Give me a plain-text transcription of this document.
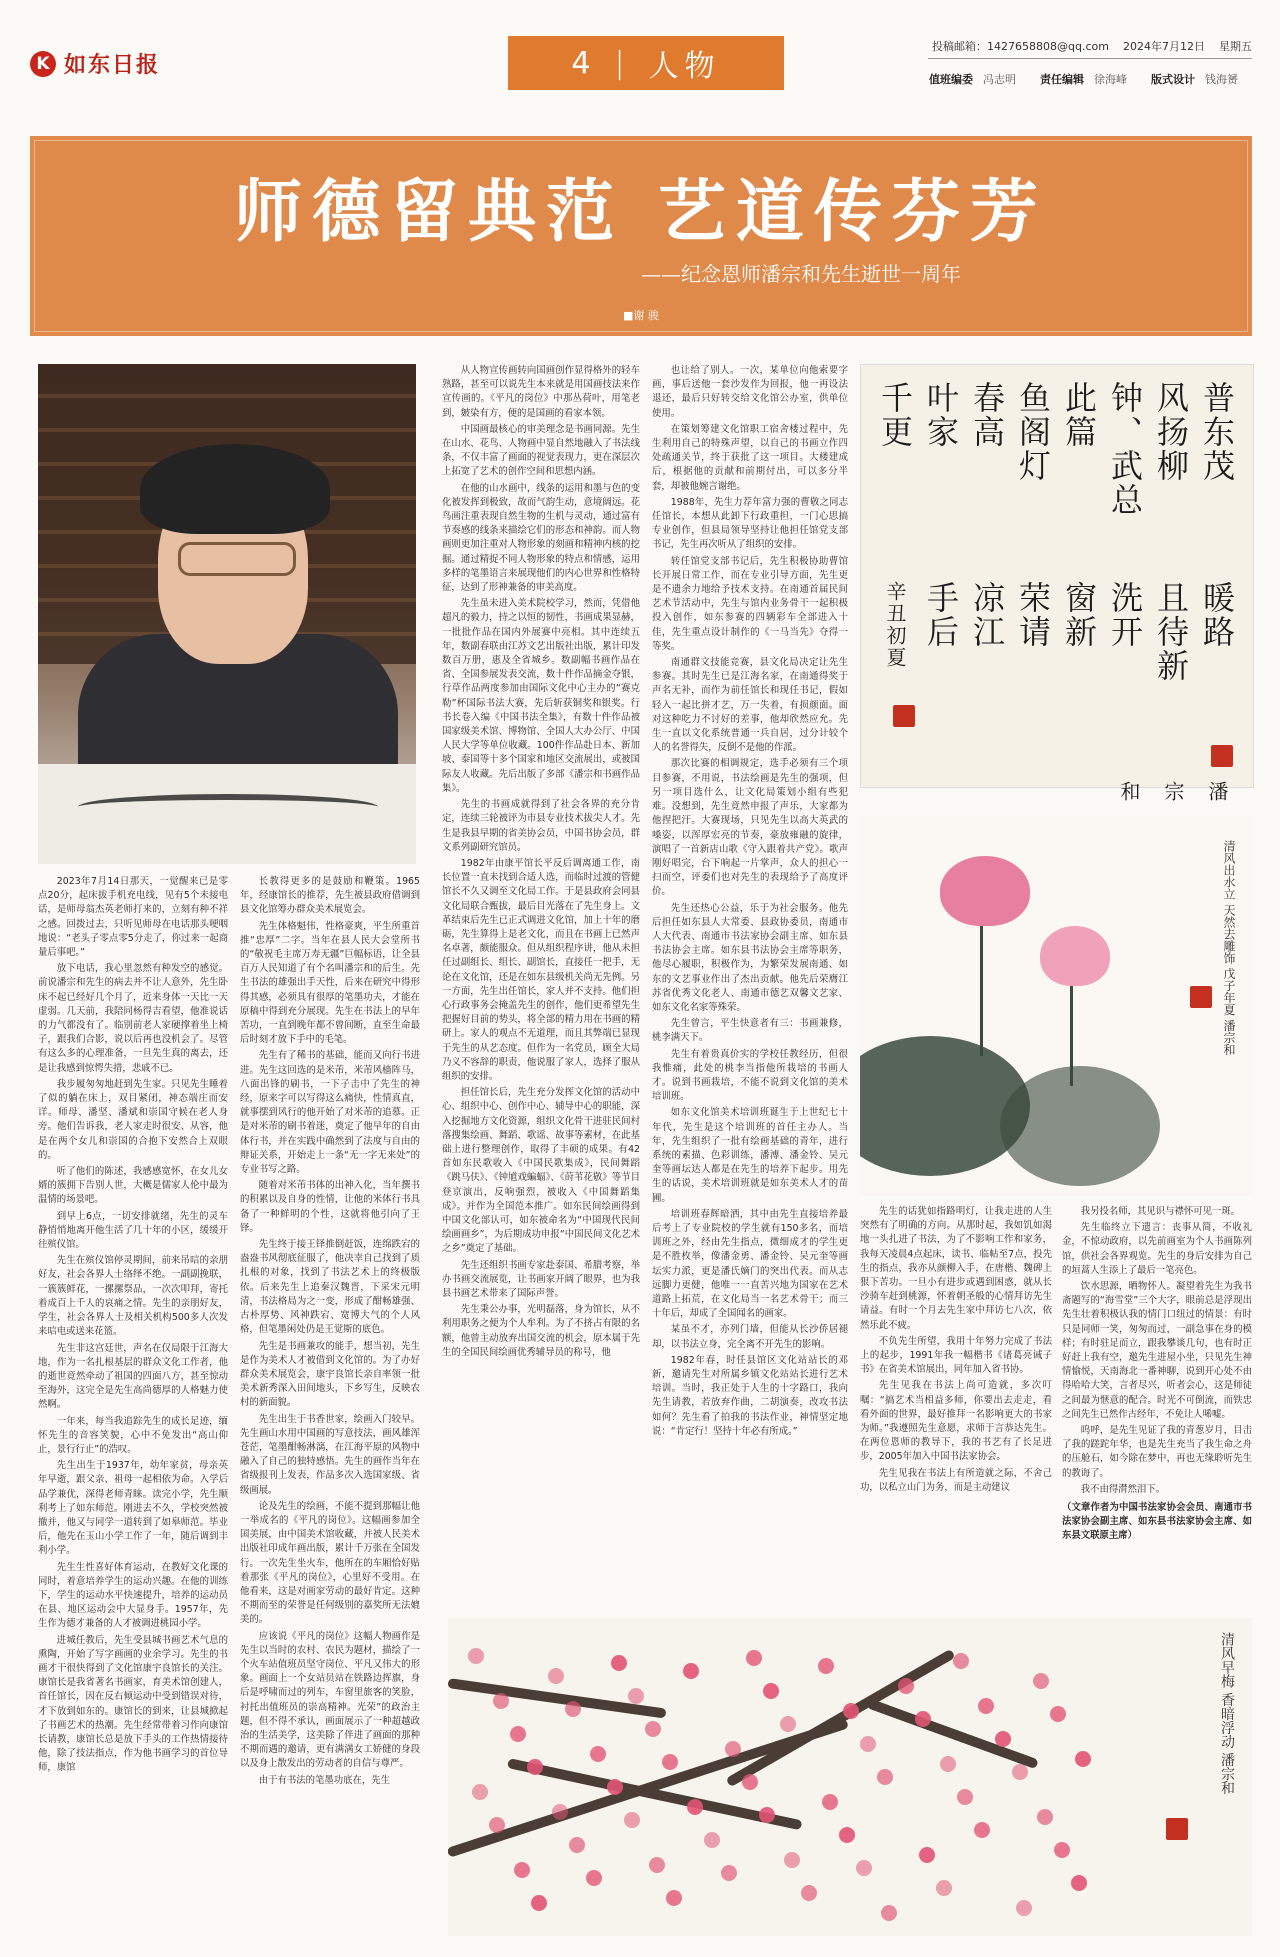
K 如东日报	4 | 人物
投稿邮箱：1427658808@qq.com 2024年7月12日 星期五
值班编委 冯志明 责任编辑 徐海峰 版式设计 钱海赟
师德留典范 艺道传芬芳
——纪念恩师潘宗和先生逝世一周年
■谢 骏

2023年7月14日那天，一觉醒来已是零点20分，起床拔手机充电线，见有5个未接电话，是师母翁杰英老师打来的，立刻有种不祥之感。回拨过去，只听见师母在电话那头哽咽地说：“老头子零点零5分走了，你过来一起商量后事吧。”

放下电话，我心里忽然有种发空的感觉。前说潘宗和先生的病去并不让人意外，先生卧床不起已经好几个月了，近来身体一天比一天虚弱。几天前，我陪同杨得吉看望，他准说话的力气都没有了。临别前老人家硬撑着坐上椅子，跟我们合影，说以后再也没机会了。尽管有这么多的心理准备，一旦先生真的离去，还是让我感到惊愕失措，悲戚不已。

我步履匆匆地赶到先生家。只见先生睡着了似的躺在床上，双目紧闭，神态端庄而安详。师母、潘坚、潘斌和崇国守候在老人身旁。他们告诉我，老人家走时很安、从容，他是在两个女儿和崇国的合抱下安然合上双眼的。

听了他们的陈述，我感感宽怀，在女儿女婿的簇拥下告别人世，大概是儒家人伦中最为温情的场景吧。

到早上6点，一切安排就绪，先生的灵车静悄悄地离开他生活了几十年的小区，缓缓开往殡仪馆。

先生在殡仪馆停灵期间，前来吊唁的亲朋好友，社会各界人士络绎不绝。一副副挽联，一簇簇鲜花，一摞摞祭品，一次次叩拜，寄托着成百上千人的哀痛之情。先生的亲朋好友，学生，社会各界人士及相关机构500多人次发来唁电或送来花篮。

先生非这宫廷世，声名在仅局限于江海大地，作为一名扎根基层的群众文化工作者，他的逝世竟然牵动了祖国的四面八方，甚至惊动至海外，这完全是先生高尚德厚的人格魅力使然啊。

一年来，每当我追踪先生的成长足迹，缅怀先生的音容笑貌，心中不免发出“高山仰止，景行行止”的浩叹。

先生出生于1937年，幼年家贫，母亲英年早逝，跟父亲、祖母一起相依为命。入学后品学兼优，深得老师青睐。读完小学，先生顺利考上了如东师范。刚进去不久，学校突然被撤并，他又与同学一道转到了如皋师范。毕业后，他先在玉山小学工作了一年，随后调到丰利小学。

先生生性喜好体育运动，在教好文化课的同时，着意培养学生的运动兴趣。在他的训练下，学生的运动水平快速提升，培养的运动员在县、地区运动会中大显身手。1957年，先生作为德才兼备的人才被调进桃园小学。

进城任教后，先生受县城书画艺术气息的熏陶，开始了写字画画的业余学习。先生的书画才干很快得到了文化馆康宇良馆长的关注。康馆长是我省著名书画家，育美术馆创建人，首任馆长，因在反右倾运动中受到错误对待，才下放到如东的。康馆长的到来，让县城掀起了书画艺术的热潮。先生经常带着习作向康馆长请教，康馆长总是放下手头的工作热情接待他，除了技法指点，作为他书画学习的首位导师，康馆

长教得更多的是鼓励和鞭策。1965年，经康馆长的推荐，先生被县政府借调到县文化馆筹办群众美术展览会。

先生体格魁伟，性格豪爽，平生所重首推“忠厚”二字。当年在县人民大会堂所书的“敬祝毛主席万寿无疆”巨幅标语，让全县百万人民知道了有个名叫潘宗和的后生。先生书法的雄强出手天性，后来在研究中得形得其感，必须具有很厚的笔墨功夫，才能在原稿中得到充分展现。先生在书法上的早年苦功，一直到晚年都不曾间断，直至生命最后时刻才放下手中的毛笔。

先生有了稀书的基础，能而又向行书进进。先生这回选的是米芾，米芾风樯阵马，八面出锋的刷书，一下子击中了先生的神经，原来字可以写得这么痛快，性情真直，就事摆到风行的他开始了对米芾的追慕。正是对米芾的刷书着迷，奠定了他早年的自由体行书，并在实践中确然到了法度与自由的辩证关系，开始走上一条“无一字无来处”的专业书写之路。

随着对米芾书体的出神入化，当年撰书的积累以及自身的性情，让他的米体行书具备了一种鲜明的个性，这就将他引向了王铎。

先生终于接王铎推倒赶饭，连绵跌宕的盎盎书风彻底征服了，他决幸自己找到了质扎根的对象，找到了书法艺术上的终极版依。后来先生上追秦汉魏晋，下采宋元明清，书法格局为之一变，形成了酣畅雄强、古朴厚势、风神跌宕、宽博大气的个人风格，但笔墨闲处仍是王觉斯的底色。

先生是书画兼攻的能手，想当初，先生是作为美术人才被借到文化馆的。为了办好群众美术展览会，康宇良馆长亲自率领一批美术新秀深入田间地头，下乡写生，反映农村的新面貌。

先生出生于书香世家，绘画入门较早。先生画山水用中国画的写意技法，画风雄浑苍茫，笔墨酣畅淋漓，在江海平原的风物中融入了自己的独特感悟。先生的画作当年在省级报刊上发表，作品多次入选国家级、省级画展。

论及先生的绘画，不能不提到那幅让他一举成名的《平凡的岗位》。这幅画参加全国美展，由中国美术馆收藏，并被人民美术出版社印成年画出版，累计千万张在全国发行。一次先生坐火车，他所在的车厢恰好贴着那张《平凡的岗位》，心里好不受用。在他看来，这是对画家劳动的最好肯定。这种不期而至的荣誉是任何级别的嘉奖所无法媲美的。

应该说《平凡的岗位》这幅人物画作是先生以当时的农村、农民为题材，描绘了一个火车站值班员坚守岗位、平凡又伟大的形象。画面上一个女站员站在铁路边挥旗，身后是呼啸而过的列车，车窗里旅客的笑脸，衬托出值班员的崇高精神。光荣”的政治主题，但不得不承认，画面展示了一种超越政治的生活美学，这美除了伴进了画面的那种不期而遇的邀请，更有满满女工娇健的身段以及身上散发出的劳动者的自信与尊严。

由于有书法的笔墨功底在，先生

从人物宣传画转向国画创作显得格外的轻车熟路，甚至可以说先生本来就是用国画技法来作宣传画的。《平凡的岗位》中那丛荷叶，用笔老到，皴染有方，便的是国画的看家本领。

中国画最核心的审美理念是书画同源。先生在山水、花鸟、人物画中显自然地融入了书法线条，不仅丰富了画面的视觉表现力，更在深层次上拓宽了艺术的创作空间和思想内涵。

在他的山水画中，线条的运用和墨与色的变化被发挥到极致，故而气韵生动，意境阔远。花鸟画注重表现自然生物的生机与灵动，通过富有节奏感的线条来描绘它们的形态和神韵。而人物画则更加注重对人物形象的刻画和精神内核的挖掘。通过精捉不同人物形象的特点和情感，运用多样的笔墨语言来展现他们的内心世界和性格特征，达到了形神兼备的审美高度。

先生虽未进入美术院校学习，然而，凭借他超凡的毅力，持之以恒的韧性，书画成果显赫，一批批作品在国内外展赛中亮相。其中连续五年，数副春联由江苏文艺出版社出版，累计印发数百万册，惠及全省城乡。数副幅书画作品在省、全国参展发表交流，数十件作品摘金夺银，行草作品两度参加由国际文化中心主办的“赛克勒”杯国际书法大赛，先后斩获铜奖和银奖。行书长卷入编《中国书法全集》，有数十件作品被国家级美术馆、博物馆、全国人大办公厅、中国人民大学等单位收藏。100件作品赴日本、新加坡、泰国等十多个国家和地区交流展出，或被国际友人收藏。先后出版了多部《潘宗和书画作品集》。

先生的书画成就得到了社会各界的充分肯定，连续三轮被评为市县专业技术拔尖人才。先生是我县早期的省美协会员，中国书协会员，群文系列副研究馆员。

1982年由康平馆长平反后调离通工作，南长位置一直未找到合适人选，而临时过渡的管健馆长不久又调至文化局工作。于是县政府会同县文化局联合甄拔，最后目光落在了先生身上。文革结束后先生已正式调进文化馆，加上十年的磨砺，先生算得上是老文化，而且在书画上已然声名卓著，颇能服众。但从组织程序讲，他从未担任过副组长、组长、副馆长，直接任一把手，无论在文化馆，还是在如东县级机关尚无先例。另一方面，先生出任馆长，家人并不支持。他们担心行政事务会掩盖先生的创作，他们更希望先生把握好目前的势头，将全部的精力用在书画的精研上。家人的观点不无道理，而且其弊端已显现于先生的从艺态度。但作为一名党员，顾全大局乃义不容辞的职责，他说服了家人，选择了服从组织的安排。

担任馆长后，先生充分发挥文化馆的活动中心、组织中心、创作中心、辅导中心的职能，深入挖掘地方文化资源，组织文化骨干进驻民间村落搜集绘画、舞蹈、歌谣、故事等素材，在此基础上进行整理创作，取得了丰硕的成果。有42首如东民歌收入《中国民歌集成》，民间舞蹈《跳马伕》、《钟馗戏蝙蝠》、《莳苇花敬》等节目登京演出，反响强烈，被收入《中国舞蹈集成》。并作为全国范本推广。如东民间绘画得到中国文化部认可，如东被命名为“中国现代民间绘画画乡”，为后期成功申报“中国民间文化艺术之乡”奠定了基础。

先生还组织书画专家赴泰国、希腊考察，举办书画交流展览，让书画家开阔了眼界，也为我县书画艺术带来了国际声誉。

先生秉公办事，光明磊落，身为馆长，从不利用职务之便为个人牟利。为了不挤占有限的名额，他曾主动放弃出国交流的机会，原本属于先生的全国民间绘画优秀辅导员的称号，他

也让给了别人。一次，某单位向他索要字画，事后送他一套沙发作为回报，他一再设法退还，最后只好转交给文化馆公办室，供单位使用。

在策划筹建文化馆职工宿舍楼过程中，先生利用自己的特殊声望，以自己的书画立作四处疏通关节，终于获批了这一项目。大楼建成后，根据他的贡献和前期付出，可以多分半套，却被他婉言谢绝。

1988年，先生力荐年富力强的曹敬之同志任馆长，本想从此卸下行政重担，一门心思搞专业创作，但县局领导坚持让他担任馆党支部书记，先生再次听从了组织的安排。

转任馆党支部书记后，先生积极协助曹馆长开展日常工作，而在专业引导方面，先生更是不遗余力地给予技术支持。在南通首届民间艺术节活动中，先生与馆内业务骨干一起积极投入创作，如东参赛的四辆彩车全部进入十佳，先生重点设计制作的《一马当先》夺得一等奖。

南通群文技能竞赛，县文化局决定让先生参赛。其时先生已是江海名家，在南通得奖于声名无补，而作为前任馆长和现任书记，假如轻入一起比拼才艺，万一失着，有损颜面。面对这种吃力不讨好的差事，他却欣然应允。先生一直以文化系统普通一兵自居，过分计较个人的名誉得失，反倒不是他的作派。

那次比赛的相调规定，选手必须有三个项目参赛，不用说，书法绘画是先生的强项，但另一项目选什么，让文化局策划小组有些犯难。没想到，先生竟然申报了声乐，大家都为他捏把汗。大赛现场，只见先生以高大英武的嗓姿，以浑厚宏亮的节奏，豪放雍融的旋律，演唱了一首新店山歌《守入跟着共产党》。歌声刚好唱完，台下响起一片掌声，众人的担心一扫而空，评委们也对先生的表现给予了高度评价。

先生还热心公益，乐于为社会服务。他先后担任如东县人大常委、县政协委员，南通市人大代表、南通市书法家协会副主席、如东县书法协会主席。如东县书法协会主席等职务，他尽心履职，积极作为，为繁荣发展南通、如东的文艺事业作出了杰出贡献。他先后荣膺江苏省优秀文化老人、南通市德艺双馨文艺家、如东文化名家等殊荣。

先生曾言，平生快意者有三：书画兼修，桃李满天下。

先生有着贵真价实的学校任教经历，但很我惟痛，此处的桃李当指他所栽培的书画人才。说到书画栽培，不能不说到文化馆的美术培训班。

如东文化馆美术培训班诞生于上世纪七十年代，先生是这个培训班的首任主办人。当年，先生组织了一批有绘画基础的青年，进行系统的素描、色彩训练，潘溥、潘金铃、吴元奎等画坛达人都是在先生的培养下起步。用先生的话说，美术培训班就是如东美术人才的苗圃。

培训班春辉暗洒，其中由先生直接培养最后考上了专业院校的学生就有150多名，而培训班之外，经由先生指点，微细成才的学生更是不胜枚举，像潘金勇、潘金铃、吴元奎等画坛实力派，更是潘氏嫡门的突出代表。而从志远脚力更健，他唯一一直苦兴地为国家在艺术道路上拓荒，在文化局当一名艺术骨干；而三十年后，却成了全国闻名的画家。

某虽不才，亦列门墙，但能从长沙侨居褪却，以书法立身，完全离不开先生的影响。

1982年春，时任县馆区文化站站长的邓新，邀请先生对所属乡镇文化站站长进行艺术培训。当时，我正处于人生的十字路口，我向先生请教，若放弃作曲，二胡演奏，改攻书法如何？先生看了拍我的书法作业，神情坚定地说：“肯定行！坚持十年必有所成。”

先生的话犹如指路明灯，让我走进的人生突然有了明确的方向。从那时起，我如饥如渴地一头扎进了书法，为了不影响工作和家务，我每天凌晨4点起床，读书、临帖至7点，投先生的指点，我亦从颜柳入手，在唐楷、魏碑上狠下苦功。一旦小有进步或遇到困惑，就从长沙骑车赶到桃源，怀着朝圣般的心情拜访先生请益。有时一个月去先生家中拜访七八次，依然乐此不疲。

不负先生所望，我用十年努力完成了书法上的起步，1991年我一幅楷书《诸葛亮诫子书》在省美术馆展出，同年加入省书协。

先生见我在书法上尚可造就，多次叮嘱：“搞艺术当相益多师，你要出去走走，看看外面的世界，最好推拜一名影响更大的书家为师。”我遵照先生意愿，求师于言恭达先生。在两位恩师的教导下，我的书艺有了长足进步，2005年加入中国书法家协会。

先生见我在书法上有所造就之际，不舍己功，以私立山门为务，而是主动建议

我另投名师，其见识与襟怀可见一斑。

先生临终立下遗言：丧事从简，不收礼金，不惊动政府，以先前画室为个人书画陈列馆，供社会各界观览。先生的身后安排为自己的垣蒿人生添上了最后一笔亮色。

饮水思源，晒物怀人。凝望着先生为我书斋题写的“海雪堂”三个大字，眼前总是浮现出先生壮着积极认我的情门口纽过的情景：有时只是同师一笑，匆匆而过，一副急事在身的模样；有时驻足而立，跟我攀谈几句，也有时正好赶上我有空，邀先生进屋小坐，只见先生神情愉悦，天南海北一番神聊，说到开心处不由得哈哈大笑，言者尽兴，听者会心，这是师徒之间最为惬意的配合。时光不可倒流，而铁忠之间先生已然作古经年，不免让人唏嘘。

呜呼，是先生见证了我的青葱岁月，目击了我的蹉跎年华，也是先生充当了我生命之舟的压舱石，如今除在梦中，再也无缘聆听先生的教诲了。

我不由得潸然泪下。

（文章作者为中国书法家协会会员、南通市书法家协会副主席、如东县书法家协会主席、如东县文联原主席）

普东茂
风扬柳
钟、武总
此篇
鱼阁灯
春高
叶家
千更
暖路
且待新
洗开
窗新
荣请
凉江
手后
辛丑初夏
潘宗和
清风出水立 天然去雕饰 戊子年夏 潘宗和
清风早梅 香暗浮动 潘宗和
